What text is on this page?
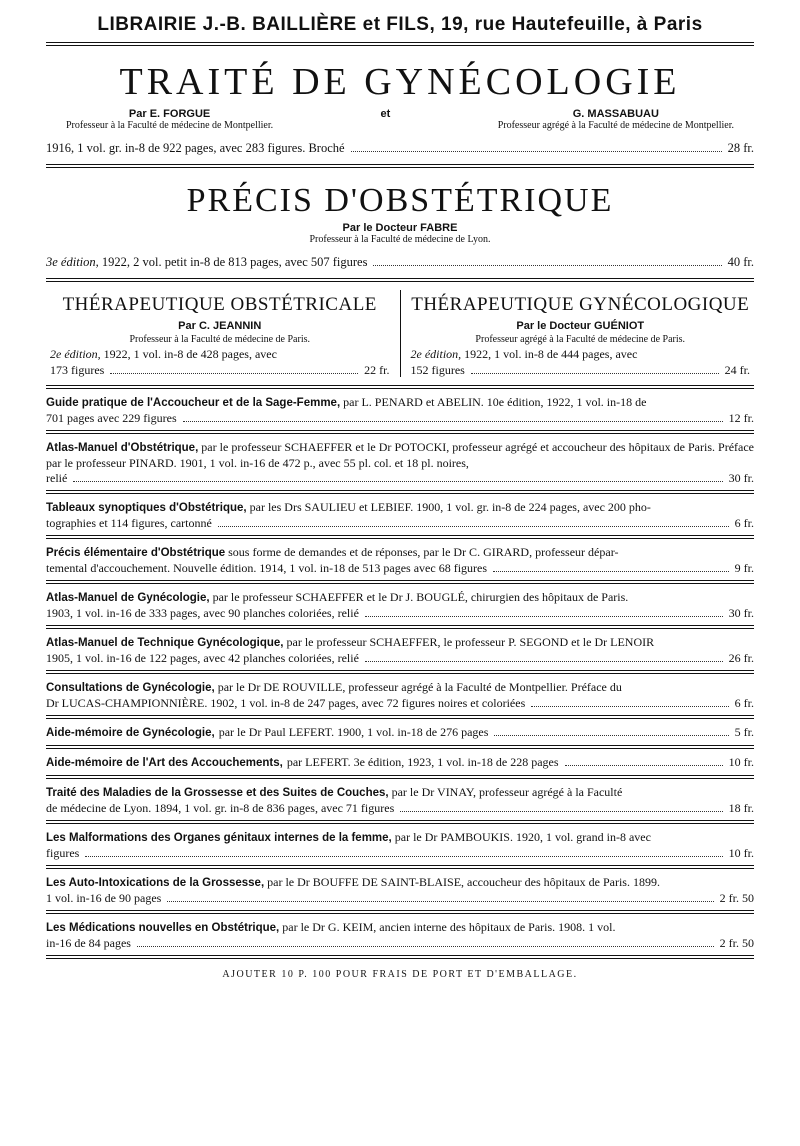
LIBRAIRIE J.-B. BAILLIÈRE et FILS, 19, rue Hautefeuille, à Paris
TRAITÉ DE GYNÉCOLOGIE
Par E. FORGUE
Professeur à la Faculté de médecine de Montpellier.
et	G. MASSABUAU
Professeur agrégé à la Faculté de médecine de Montpellier.
1916, 1 vol. gr. in-8 de 922 pages, avec 283 figures. Broché	28 fr.
PRÉCIS D'OBSTÉTRIQUE
Par le Docteur FABRE
Professeur à la Faculté de médecine de Lyon.
3e édition, 1922, 2 vol. petit in-8 de 813 pages, avec 507 figures	40 fr.
THÉRAPEUTIQUE OBSTÉTRICALE
Par C. JEANNIN
Professeur à la Faculté de médecine de Paris.
2e édition, 1922, 1 vol. in-8 de 428 pages, avec
173 figures	22 fr.
THÉRAPEUTIQUE GYNÉCOLOGIQUE
Par le Docteur GUÉNIOT
Professeur agrégé à la Faculté de médecine de Paris.
2e édition, 1922, 1 vol. in-8 de 444 pages, avec
152 figures	24 fr.
Guide pratique de l'Accoucheur et de la Sage-Femme, par L. PENARD et ABELIN. 10e édition, 1922, 1 vol. in-18 de
701 pages avec 229 figures	12 fr.
Atlas-Manuel d'Obstétrique, par le professeur SCHAEFFER et le Dr POTOCKI, professeur agrégé et accoucheur des hôpitaux de Paris. Préface par le professeur PINARD. 1901, 1 vol. in-16 de 472 p., avec 55 pl. col. et 18 pl. noires,
relié	30 fr.
Tableaux synoptiques d'Obstétrique, par les Drs SAULIEU et LEBIEF. 1900, 1 vol. gr. in-8 de 224 pages, avec 200 pho-
tographies et 114 figures, cartonné	6 fr.
Précis élémentaire d'Obstétrique sous forme de demandes et de réponses, par le Dr C. GIRARD, professeur dépar-
temental d'accouchement. Nouvelle édition. 1914, 1 vol. in-18 de 513 pages avec 68 figures	9 fr.
Atlas-Manuel de Gynécologie, par le professeur SCHAEFFER et le Dr J. BOUGLÉ, chirurgien des hôpitaux de Paris.
1903, 1 vol. in-16 de 333 pages, avec 90 planches coloriées, relié	30 fr.
Atlas-Manuel de Technique Gynécologique, par le professeur SCHAEFFER, le professeur P. SEGOND et le Dr LENOIR
1905, 1 vol. in-16 de 122 pages, avec 42 planches coloriées, relié	26 fr.
Consultations de Gynécologie, par le Dr DE ROUVILLE, professeur agrégé à la Faculté de Montpellier. Préface du
Dr LUCAS-CHAMPIONNIÈRE. 1902, 1 vol. in-8 de 247 pages, avec 72 figures noires et coloriées	6 fr.
Aide-mémoire de Gynécologie, par le Dr Paul LEFERT. 1900, 1 vol. in-18 de 276 pages	5 fr.
Aide-mémoire de l'Art des Accouchements, par LEFERT. 3e édition, 1923, 1 vol. in-18 de 228 pages	10 fr.
Traité des Maladies de la Grossesse et des Suites de Couches, par le Dr VINAY, professeur agrégé à la Faculté
de médecine de Lyon. 1894, 1 vol. gr. in-8 de 836 pages, avec 71 figures	18 fr.
Les Malformations des Organes génitaux internes de la femme, par le Dr PAMBOUKIS. 1920, 1 vol. grand in-8 avec
figures	10 fr.
Les Auto-Intoxications de la Grossesse, par le Dr BOUFFE DE SAINT-BLAISE, accoucheur des hôpitaux de Paris. 1899.
1 vol. in-16 de 90 pages	2 fr. 50
Les Médications nouvelles en Obstétrique, par le Dr G. KEIM, ancien interne des hôpitaux de Paris. 1908. 1 vol.
in-16 de 84 pages	2 fr. 50
AJOUTER 10 P. 100 POUR FRAIS DE PORT ET D'EMBALLAGE.
